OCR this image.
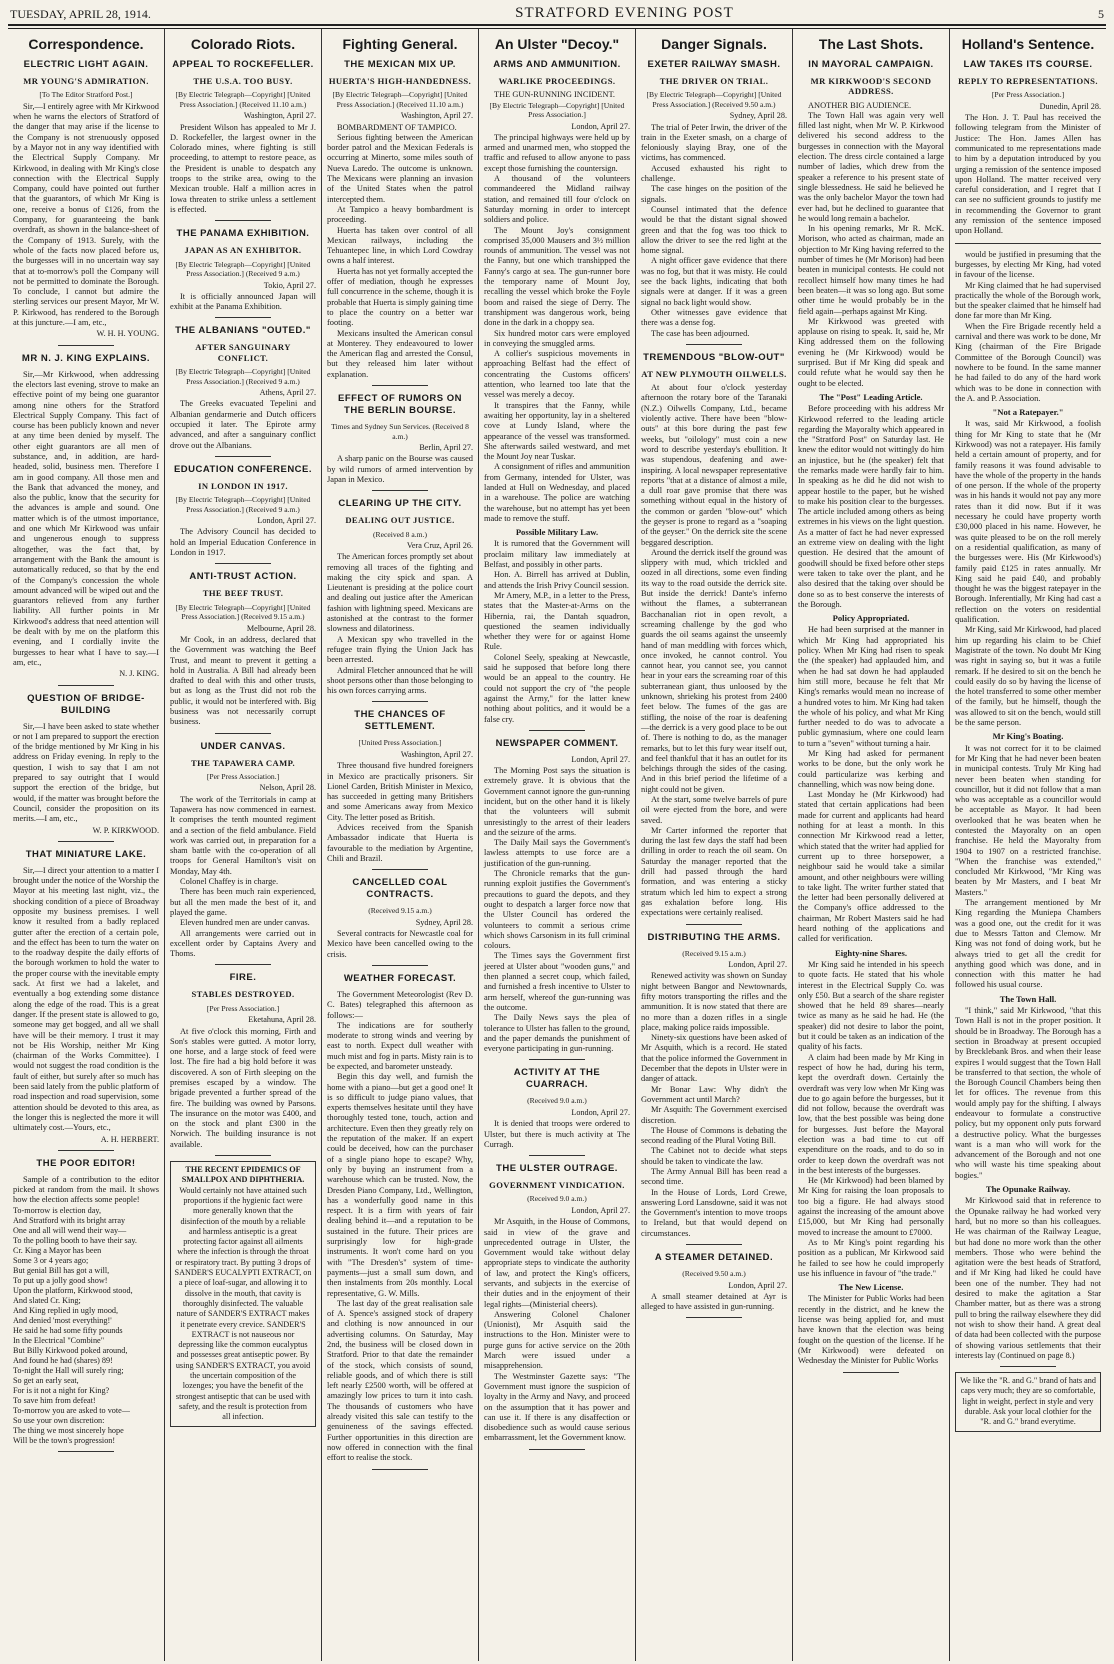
TUESDAY, APRIL 28, 1914.	STRATFORD EVENING POST	5
Correspondence.
ELECTRIC LIGHT AGAIN.
MR YOUNG'S ADMIRATION.
[To The Editor Stratford Post.]

Sir,—I entirely agree with Mr Kirkwood when he warns the electors of Stratford of the danger that may arise if the license to the Company is not strenuously opposed by a Mayor not in any way identified with the Electrical Supply Company. Mr Kirkwood, in dealing with Mr King's close connection with the Electrical Supply Company, could have pointed out further that the guarantors, of which Mr King is one, receive a bonus of £126, from the Company, for guaranteeing the bank overdraft, as shown in the balance-sheet of the Company of 1913. Surely, with the whole of the facts now placed before us, the burgesses will in no uncertain way say that at to-morrow's poll the Company will not be permitted to dominate the Borough. To conclude, I cannot but admire the sterling services our present Mayor, Mr W. P. Kirkwood, has rendered to the Borough at this juncture.—I am, etc.,

W. H. H. YOUNG.
MR N. J. KING EXPLAINS.

Sir,—Mr Kirkwood, when addressing the electors last evening, strove to make an effective point of my being one guarantor among nine others for the Stratford Electrical Supply Company. This fact of course has been publicly known and never at any time been denied by myself. The other eight guarantors are all men of substance, and, in addition, are hard-headed, solid, business men. Therefore I am in good company. All those men and the Bank that advanced the money, and also the public, know that the security for the advances is ample and sound. One matter which is of the utmost importance, and one which Mr Kirkwood was unfair and ungenerous enough to suppress altogether, was the fact that, by arrangement with the Bank the amount is automatically reduced, so that by the end of the Company's concession the whole amount advanced will be wiped out and the guarantors relieved from any further liability. All further points in Mr Kirkwood's address that need attention will be dealt with by me on the platform this evening, and I cordially invite the burgesses to hear what I have to say.—I am, etc.,

N. J. KING.
QUESTION OF BRIDGE-BUILDING

Sir,—I have been asked to state whether or not I am prepared to support the erection of the bridge mentioned by Mr King in his address on Friday evening. In reply to the question, I wish to say that I am not prepared to say outright that I would support the erection of the bridge, but would, if the matter was brought before the Council, consider the proposition on its merits.—I am, etc.,

W. P. KIRKWOOD.
THAT MINIATURE LAKE.

Sir,—I direct your attention to a matter I brought under the notice of the Worship the Mayor at his meeting last night, viz., the shocking condition of a piece of Broadway opposite my business premises. I well know it resulted from a badly replaced gutter after the erection of a certain pole, and the effect has been to turn the water on to the roadway despite the daily efforts of the borough workmen to hold the water to the proper course with the inevitable empty sack. At first we had a lakelet, and eventually a bog extending some distance along the edge of the road. This is a great danger. If the present state is allowed to go, someone may get bogged, and all we shall have will be their memory. I trust it may not be His Worship, neither Mr King (chairman of the Works Committee). I would not suggest the road condition is the fault of either, but surely after so much has been said lately from the public platform of road inspection and road supervision, some attention should be devoted to this area, as the longer this is neglected the more it will ultimately cost.—Yours, etc.,

A. H. HERBERT.
THE POOR EDITOR!

Sample of a contribution to the editor picked at random from the mail. It shows how the election affects some people!

To-morrow is election day,
And Stratford with its bright array
One and all will wend their way—
To the polling booth to have their say.
Cr. King a Mayor has been
Some 3 or 4 years ago;
But genial Bill has got a will,
To put up a jolly good show!
Upon the platform, Kirkwood stood,
And slated Cr. King;
And King replied in ugly mood,
And denied 'most everything!'
He said he had some fifty pounds
In the Electrical "Combine"
But Billy Kirkwood poked around,
And found he had (shares) 89!
To-night the Hall will surely ring;
So get an early seat,
For is it not a night for King?
To save him from defeat!
To-morrow you are asked to vote—
So use your own discretion:
The thing we most sincerely hope
Will be the town's progression!
Colorado Riots.
APPEAL TO ROCKEFELLER.
THE U.S.A. TOO BUSY.
[By Electric Telegraph—Copyright] [United Press Association.] (Received 11.10 a.m.)
Washington, April 27.

President Wilson has appealed to Mr J. D. Rockefeller, the largest owner in the Colorado mines, where fighting is still proceeding, to attempt to restore peace, as the President is unable to despatch any troops to the strike area, owing to the Mexican trouble. Half a million acres in Iowa threaten to strike unless a settlement is effected.

THE PANAMA EXHIBITION.
JAPAN AS AN EXHIBITOR.
[By Electric Telegraph—Copyright] [United Press Association.] (Received 9 a.m.)
Tokio, April 27.

It is officially announced Japan will exhibit at the Panama Exhibition.

THE ALBANIANS "OUTED."
AFTER SANGUINARY CONFLICT.
[By Electric Telegraph—Copyright] [United Press Association.] (Received 9 a.m.)
Athens, April 27.

The Greeks evacuated Tepelini and Albanian gendarmerie and Dutch officers occupied it later. The Epirote army advanced, and after a sanguinary conflict drove out the Albanians.

EDUCATION CONFERENCE.
IN LONDON IN 1917.
[By Electric Telegraph—Copyright] [United Press Association.] (Received 9 a.m.)
London, April 27.

The Advisory Council has decided to hold an Imperial Education Conference in London in 1917.

ANTI-TRUST ACTION.
THE BEEF TRUST.
[By Electric Telegraph—Copyright] [United Press Association.] (Received 9.15 a.m.)
Melbourne, April 28.

Mr Cook, in an address, declared that the Government was watching the Beef Trust, and meant to prevent it getting a hold in Australia. A Bill had already been drafted to deal with this and other trusts, but as long as the Trust did not rob the public, it would not be interfered with. Big business was not necessarily corrupt business.

UNDER CANVAS.
THE TAPAWERA CAMP.
[Per Press Association.]
Nelson, April 28.

The work of the Territorials in camp at Tapawera has now commenced in earnest. It comprises the tenth mounted regiment and a section of the field ambulance. Field work was carried out, in preparation for a sham battle with the co-operation of all troops for General Hamilton's visit on Monday, May 4th.

Colonel Chaffey is in charge.

There has been much rain experienced, but all the men made the best of it, and played the game.

Eleven hundred men are under canvas.

All arrangements were carried out in excellent order by Captains Avery and Thoms.

FIRE.
STABLES DESTROYED.
[Per Press Association.]
Eketahuna, April 28.

At five o'clock this morning, Firth and Son's stables were gutted. A motor lorry, one horse, and a large stock of feed were lost. The fire had a big hold before it was discovered. A son of Firth sleeping on the premises escaped by a window. The brigade prevented a further spread of the fire. The building was owned by Parsons. The insurance on the motor was £400, and on the stock and plant £300 in the Norwich. The building insurance is not available.

THE RECENT EPIDEMICS OF SMALLPOX AND DIPHTHERIA.

Would certainly not have attained such proportions if the hygienic fact were more generally known that the disinfection of the mouth by a reliable and harmless antiseptic is a great protecting factor against all ailments where the infection is through the throat or respiratory tract. By putting 3 drops of SANDER'S EUCALYPTI EXTRACT, on a piece of loaf-sugar, and allowing it to dissolve in the mouth, that cavity is thoroughly disinfected. The valuable nature of SANDER'S EXTRACT makes it penetrate every crevice. SANDER'S EXTRACT is not nauseous nor depressing like the common eucalyptus and possesses great antiseptic power. By using SANDER'S EXTRACT, you avoid the uncertain composition of the lozenges; you have the benefit of the strongest antiseptic that can be used with safety, and the result is protection from all infection.

Fighting General.
THE MEXICAN MIX UP.
HUERTA'S HIGH-HANDEDNESS.
[By Electric Telegraph—Copyright] [United Press Association.] (Received 11.10 a.m.)
Washington, April 27.

BOMBARDMENT OF TAMPICO.

Serious fighting between the American border patrol and the Mexican Federals is occurring at Minerto, some miles south of Nueva Laredo. The outcome is unknown. The Mexicans were planning an invasion of the United States when the patrol intercepted them.

At Tampico a heavy bombardment is proceeding.

Huerta has taken over control of all Mexican railways, including the Tehuantepec line, in which Lord Cowdray owns a half interest.

Huerta has not yet formally accepted the offer of mediation, though he expresses full concurrence in the scheme, though it is probable that Huerta is simply gaining time to place the country on a better war footing.

Mexicans insulted the American consul at Monterey. They endeavoured to lower the American flag and arrested the Consul, but they released him later without explanation.

EFFECT OF RUMORS ON THE BERLIN BOURSE.
Times and Sydney Sun Services. (Received 8 a.m.)
Berlin, April 27.

A sharp panic on the Bourse was caused by wild rumors of armed intervention by Japan in Mexico.

CLEARING UP THE CITY.
DEALING OUT JUSTICE.
(Received 8 a.m.)
Vera Cruz, April 26.

The American forces promptly set about removing all traces of the fighting and making the city spick and span. A Lieutenant is presiding at the police court and dealing out justice after the American fashion with lightning speed. Mexicans are astonished at the contrast to the former slowness and dilatoriness.

A Mexican spy who travelled in the refugee train flying the Union Jack has been arrested.

Admiral Fletcher announced that he will shoot persons other than those belonging to his own forces carrying arms.

THE CHANCES OF SETTLEMENT.
[United Press Association.]
Washington, April 27.

Three thousand five hundred foreigners in Mexico are practically prisoners. Sir Lionel Carden, British Minister in Mexico, has succeeded in getting many Britishers and some Americans away from Mexico City. The letter posed as British.

Advices received from the Spanish Ambassador indicate that Huerta is favourable to the mediation by Argentine, Chili and Brazil.

CANCELLED COAL CONTRACTS.
(Received 9.15 a.m.)
Sydney, April 28.

Several contracts for Newcastle coal for Mexico have been cancelled owing to the crisis.

WEATHER FORECAST.

The Government Meteorologist (Rev D. C. Bates) telegraphed this afternoon as follows:—

The indications are for southerly moderate to strong winds and veering by east to north. Expect dull weather with much mist and fog in parts. Misty rain is to be expected, and barometer unsteady.

Begin this day well, and furnish the home with a piano—but get a good one! It is so difficult to judge piano values, that experts themselves hesitate until they have thoroughly tested tone, touch, action and architecture. Even then they greatly rely on the reputation of the maker. If an expert could be deceived, how can the purchaser of a single piano hope to escape? Why, only by buying an instrument from a warehouse which can be trusted. Now, the Dresden Piano Company, Ltd., Wellington, has a wonderfully good name in this respect. It is a firm with years of fair dealing behind it—and a reputation to be sustained in the future. Their prices are surprisingly low for high-grade instruments. It won't come hard on you with "The Dresden's" system of time-payments—just a small sum down, and then instalments from 20s monthly. Local representative, G. W. Mills.

The last day of the great realisation sale of A. Spence's assigned stock of drapery and clothing is now announced in our advertising columns. On Saturday, May 2nd, the business will be closed down in Stratford. Prior to that date the remainder of the stock, which consists of sound, reliable goods, and of which there is still left nearly £2500 worth, will be offered at amazingly low prices to turn it into cash. The thousands of customers who have already visited this sale can testify to the genuineness of the savings effected. Further opportunities in this direction are now offered in connection with the final effort to realise the stock.

An Ulster "Decoy."
ARMS AND AMMUNITION.
WARLIKE PROCEEDINGS.

THE GUN-RUNNING INCIDENT.

[By Electric Telegraph—Copyright] [United Press Association.]
London, April 27.

The principal highways were held up by armed and unarmed men, who stopped the traffic and refused to allow anyone to pass except those furnishing the countersign.

A thousand of the volunteers commandeered the Midland railway station, and remained till four o'clock on Saturday morning in order to intercept soldiers and police.

The Mount Joy's consignment comprised 35,000 Mausers and 3½ million rounds of ammunition. The vessel was not the Fanny, but one which transhipped the Fanny's cargo at sea. The gun-runner bore the temporary name of Mount Joy, recalling the vessel which broke the Foyle boom and raised the siege of Derry. The transhipment was dangerous work, being done in the dark in a choppy sea.

Six hundred motor cars were employed in conveying the smuggled arms.

A collier's suspicious movements in approaching Belfast had the effect of concentrating the Customs officers' attention, who learned too late that the vessel was merely a decoy.

It transpires that the Fanny, while awaiting her opportunity, lay in a sheltered cove at Lundy Island, where the appearance of the vessel was transformed. She afterwards sailed westward, and met the Mount Joy near Tuskar.

A consignment of rifles and ammunition from Germany, intended for Ulster, was landed at Hull on Wednesday, and placed in a warehouse. The police are watching the warehouse, but no attempt has yet been made to remove the stuff.

Possible Military Law.

It is rumored that the Government will proclaim military law immediately at Belfast, and possibly in other parts.

Hon. A. Birrell has arrived at Dublin, and attends the Irish Privy Council session.

Mr Amery, M.P., in a letter to the Press, states that the Master-at-Arms on the Hibernia, rai, the Dantah squadron, questioned the seamen individually whether they were for or against Home Rule.

Colonel Seely, speaking at Newcastle, said he supposed that before long there would be an appeal to the country. He could not support the cry of "the people against the Army," for the latter knew nothing about politics, and it would be a false cry.

NEWSPAPER COMMENT.
London, April 27.

The Morning Post says the situation is extremely grave. It is obvious that the Government cannot ignore the gun-running incident, but on the other hand it is likely that the volunteers will submit unresistingly to the arrest of their leaders and the seizure of the arms.

The Daily Mail says the Government's lawless attempts to use force are a justification of the gun-running.

The Chronicle remarks that the gun-running exploit justifies the Government's precautions to guard the depots, and they ought to despatch a larger force now that the Ulster Council has ordered the volunteers to commit a serious crime which shows Carsonism in its full criminal colours.

The Times says the Government first jeered at Ulster about "wooden guns," and then planned a secret coup, which failed, and furnished a fresh incentive to Ulster to arm herself, whereof the gun-running was the outcome.

The Daily News says the plea of tolerance to Ulster has fallen to the ground, and the paper demands the punishment of everyone participating in gun-running.

ACTIVITY AT THE CUARRACH.
(Received 9.0 a.m.)
London, April 27.

It is denied that troops were ordered to Ulster, but there is much activity at The Curragh.

THE ULSTER OUTRAGE.
GOVERNMENT VINDICATION.
(Received 9.0 a.m.)
London, April 27.

Mr Asquith, in the House of Commons, said in view of the grave and unprecedented outrage in Ulster, the Government would take without delay appropriate steps to vindicate the authority of law, and protect the King's officers, servants, and subjects in the exercise of their duties and in the enjoyment of their legal rights—(Ministerial cheers).

Answering Colonel Chaloner (Unionist), Mr Asquith said the instructions to the Hon. Minister were to purge guns for active service on the 20th March were issued under a misapprehension.

The Westminster Gazette says: "The Government must ignore the suspicion of loyalty in the Army and Navy, and proceed on the assumption that it has power and can use it. If there is any disaffection or disobedience such as would cause serious embarrassment, let the Government know.

Danger Signals.
EXETER RAILWAY SMASH.
THE DRIVER ON TRIAL.
[By Electric Telegraph—Copyright] [United Press Association.] (Received 9.50 a.m.)
Sydney, April 28.

The trial of Peter Irwin, the driver of the train in the Exeter smash, on a charge of feloniously slaying Bray, one of the victims, has commenced.

Accused exhausted his right to challenge.

The case hinges on the position of the signals.

Counsel intimated that the defence would be that the distant signal showed green and that the fog was too thick to allow the driver to see the red light at the home signal.

A night officer gave evidence that there was no fog, but that it was misty. He could see the back lights, indicating that both signals were at danger. If it was a green signal no back light would show.

Other witnesses gave evidence that there was a dense fog.

The case has been adjourned.

TREMENDOUS "BLOW-OUT"
AT NEW PLYMOUTH OILWELLS.

At about four o'clock yesterday afternoon the rotary bore of the Taranaki (N.Z.) Oilwells Company, Ltd., became violently active. There have been "blow-outs" at this bore during the past few weeks, but "oilology" must coin a new word to describe yesterday's ebullition. It was stupendous, deafening and awe-inspiring. A local newspaper representative reports "that at a distance of almost a mile, a dull roar gave promise that there was something without equal in the history of the common or garden "blow-out" which the geyser is prone to regard as a "soaping of the geyser." On the derrick site the scene beggared description.

Around the derrick itself the ground was slippery with mud, which trickled and oozed in all directions, some even finding its way to the road outside the derrick site. But inside the derrick! Dante's inferno without the flames, a subterranean Bacchanalian riot in open revolt, a screaming challenge by the god who guards the oil seams against the unseemly hand of man meddling with forces which, once invoked, he cannot control. You cannot hear, you cannot see, you cannot hear in your ears the screaming roar of this subterranean giant, thus unloosed by the unknown, shrieking his protest from 2400 feet below. The fumes of the gas are stifling, the noise of the roar is deafening—the derrick is a very good place to be out of. There is nothing to do, as the manager remarks, but to let this fury wear itself out, and feel thankful that it has an outlet for its belchings through the sides of the casing. And in this brief period the lifetime of a night could not be given.

At the start, some twelve barrels of pure oil were ejected from the bore, and were saved.

Mr Carter informed the reporter that during the last few days the staff had been drilling in order to reach the oil seam. On Saturday the manager reported that the drill had passed through the hard formation, and was entering a sticky stratum which led him to expect a strong gas exhalation before long. His expectations were certainly realised.

DISTRIBUTING THE ARMS.
(Received 9.15 a.m.)
London, April 27.

Renewed activity was shown on Sunday night between Bangor and Newtownards, fifty motors transporting the rifles and the ammunition. It is now stated that there are no more than a dozen rifles in a single place, making police raids impossible.

Ninety-six questions have been asked of Mr Asquith, which is a record. He stated that the police informed the Government in December that the depots in Ulster were in danger of attack.

Mr Bonar Law: Why didn't the Government act until March?

Mr Asquith: The Government exercised discretion.

The House of Commons is debating the second reading of the Plural Voting Bill.

The Cabinet not to decide what steps should be taken to vindicate the law.

The Army Annual Bill has been read a second time.

In the House of Lords, Lord Crewe, answering Lord Lansdowne, said it was not the Government's intention to move troops to Ireland, but that would depend on circumstances.

A STEAMER DETAINED.
(Received 9.50 a.m.)
London, April 27.

A small steamer detained at Ayr is alleged to have assisted in gun-running.

The Last Shots.
IN MAYORAL CAMPAIGN.
MR KIRKWOOD'S SECOND ADDRESS.

ANOTHER BIG AUDIENCE.

The Town Hall was again very well filled last night, when Mr W. P. Kirkwood delivered his second address to the burgesses in connection with the Mayoral election. The dress circle contained a large number of ladies, which drew from the speaker a reference to his present state of single blessedness. He said he believed he was the only bachelor Mayor the town had ever had, but he declined to guarantee that he would long remain a bachelor.

In his opening remarks, Mr R. McK. Morison, who acted as chairman, made an objection to Mr King having referred to the number of times he (Mr Morison) had been beaten in municipal contests. He could not recollect himself how many times he had been beaten—it was so long ago. But some other time he would probably be in the field again—perhaps against Mr King.

Mr Kirkwood was greeted with applause on rising to speak. It, said he, Mr King addressed them on the following evening he (Mr Kirkwood) would be surprised. But if Mr King did speak and could refute what he would say then he ought to be elected.

The "Post" Leading Article.

Before proceeding with his address Mr Kirkwood referred to the leading article regarding the Mayoralty which appeared in the "Stratford Post" on Saturday last. He knew the editor would not wittingly do him an injustice, but he (the speaker) felt that the remarks made were hardly fair to him. In speaking as he did he did not wish to appear hostile to the paper, but he wished to make his position clear to the burgesses. The article included among others as being extremes in his views on the light question. As a matter of fact he had never expressed an extreme view on dealing with the light question. He desired that the amount of goodwill should be fixed before other steps were taken to take over the plant, and he also desired that the taking over should be done so as to best conserve the interests of the Borough.

Policy Appropriated.

He had been surprised at the manner in which Mr King had appropriated his policy. When Mr King had risen to speak the (the speaker) had applauded him, and when he had sat down he had applauded him still more, because he felt that Mr King's remarks would mean no increase of a hundred votes to him. Mr King had taken the whole of his policy, and what Mr King further needed to do was to advocate a public gymnasium, where one could learn to turn a "seven" without turning a hair.

Mr King had asked for permanent works to be done, but the only work he could particularize was kerbing and channelling, which was now being done.

Last Monday he (Mr Kirkwood) had stated that certain applications had been made for current and applicants had heard nothing for at least a month. In this connection Mr Kirkwood read a letter, which stated that the writer had applied for current up to three horsepower, a neighbour said he would take a similar amount, and other neighbours were willing to take light. The writer further stated that the letter had been personally delivered at the Company's office addressed to the chairman, Mr Robert Masters said he had heard nothing of the applications and called for verification.

Eighty-nine Shares.

Mr King said he intended in his speech to quote facts. He stated that his whole interest in the Electrical Supply Co. was only £50. But a search of the share register showed that he held 89 shares—nearly twice as many as he said he had. He (the speaker) did not desire to labor the point, but it could be taken as an indication of the quality of his facts.

A claim had been made by Mr King in respect of how he had, during his term, kept the overdraft down. Certainly the overdraft was very low when Mr King was due to go again before the burgesses, but it did not follow, because the overdraft was low, that the best possible was being done for burgesses. Just before the Mayoral election was a bad time to cut off expenditure on the roads, and to do so in order to keep down the overdraft was not in the best interests of the burgesses.

He (Mr Kirkwood) had been blamed by Mr King for raising the loan proposals to too big a figure. He had always stood against the increasing of the amount above £15,000, but Mr King had personally moved to increase the amount to £7000.

As to Mr King's point regarding his position as a publican, Mr Kirkwood said he failed to see how he could improperly use his influence in favour of "the trade."

The New License.

The Minister for Public Works had been recently in the district, and he knew the license was being applied for, and must have known that the election was being fought on the question of the license. If he (Mr Kirkwood) were defeated on Wednesday the Minister for Public Works

Holland's Sentence.
LAW TAKES ITS COURSE.
REPLY TO REPRESENTATIONS.
[Per Press Association.]
Dunedin, April 28.

The Hon. J. T. Paul has received the following telegram from the Minister of Justice: The Hon. James Allen has communicated to me representations made to him by a deputation introduced by you urging a remission of the sentence imposed upon Holland. The matter received very careful consideration, and I regret that I can see no sufficient grounds to justify me in recommending the Governor to grant any remission of the sentence imposed upon Holland.

would be justified in presuming that the burgesses, by electing Mr King, had voted in favour of the license.

Mr King claimed that he had supervised practically the whole of the Borough work, but the speaker claimed that he himself had done far more than Mr King.

When the Fire Brigade recently held a carnival and there was work to be done, Mr King (chairman of the Fire Brigade Committee of the Borough Council) was nowhere to be found. In the same manner he had failed to do any of the hard work which was to be done in connection with the A. and P. Association.

"Not a Ratepayer."

It was, said Mr Kirkwood, a foolish thing for Mr King to state that he (Mr Kirkwood) was not a ratepayer. His family held a certain amount of property, and for family reasons it was found advisable to have the whole of the property in the hands of one person. If the whole of the property was in his hands it would not pay any more rates than it did now. But if it was necessary he could have property worth £30,000 placed in his name. However, he was quite pleased to be on the roll merely on a residential qualification, as many of the burgesses were. His (Mr Kirkwood's) family paid £125 in rates annually. Mr King said he paid £40, and probably thought he was the biggest ratepayer in the Borough. Inferentially, Mr King had cast a reflection on the voters on residential qualification.

Mr King, said Mr Kirkwood, had placed him up regarding his claim to be Chief Magistrate of the town. No doubt Mr King was right in saying so, but it was a futile remark. If he desired to sit on the bench he could easily do so by having the license of the hotel transferred to some other member of the family, but he himself, though the was allowed to sit on the bench, would still be the same person.

Mr King's Boating.

It was not correct for it to be claimed for Mr King that he had never been beaten in municipal contests. Truly Mr King had never been beaten when standing for councillor, but it did not follow that a man who was acceptable as a councillor would be acceptable as Mayor. It had been overlooked that he was beaten when he contested the Mayoralty on an open franchise. He held the Mayoralty from 1904 to 1907 on a restricted franchise. "When the franchise was extended," concluded Mr Kirkwood, "Mr King was beaten by Mr Masters, and I beat Mr Masters."

The arrangement mentioned by Mr King regarding the Muniepa Chambers was a good one, out the credit for it was due to Messrs Tatton and Clemow. Mr King was not fond of doing work, but he always tried to get all the credit for anything good which was done, and in connection with this matter he had followed his usual course.

The Town Hall.

"I think," said Mr Kirkwood, "that this Town Hall is not in the proper position. It should be in Broadway. The Borough has a section in Broadway at present occupied by Brecklebank Bros. and when their lease expires I would suggest that the Town Hall be transferred to that section, the whole of the Borough Council Chambers being then let for offices. The revenue from this would amply pay for the shifting. I always endeavour to formulate a constructive policy, but my opponent only puts forward a destructive policy. What the burgesses want is a man who will work for the advancement of the Borough and not one who will waste his time speaking about bogies."

The Opunake Railway.

Mr Kirkwood said that in reference to the Opunake railway he had worked very hard, but no more so than his colleagues. He was chairman of the Railway League, but had done no more work than the other members. Those who were behind the agitation were the best heads of Stratford, and if Mr King had liked he could have been one of the number. They had not desired to make the agitation a Star Chamber matter, but as there was a strong pull to bring the railway elsewhere they did not wish to show their hand. A great deal of data had been collected with the purpose of showing various settlements that their interests lay (Continued on page 8.)

We like the "R. and G." brand of hats and caps very much; they are so comfortable, light in weight, perfect in style and very durable. Ask your local clothier for the "R. and G." brand everytime.
